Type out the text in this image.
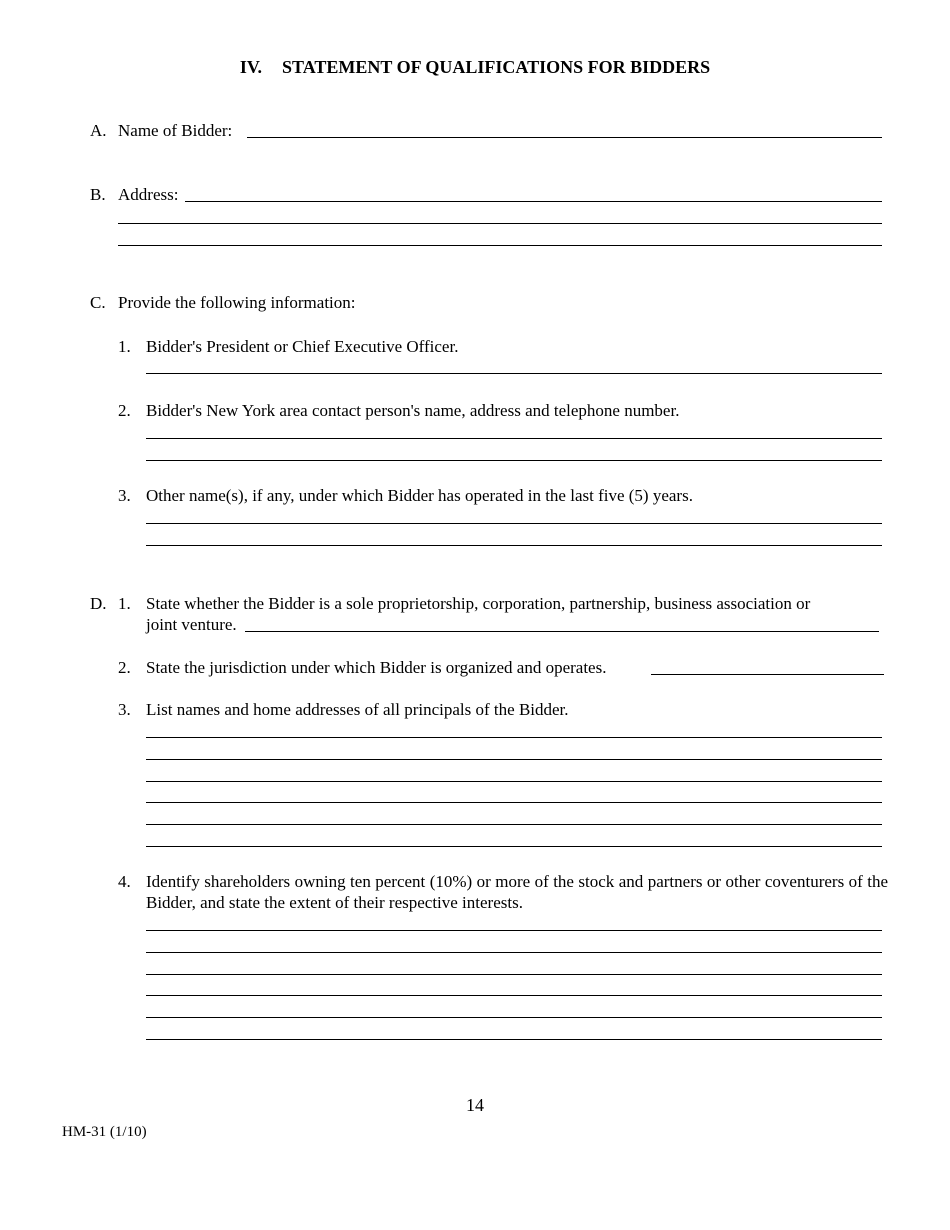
IV. STATEMENT OF QUALIFICATIONS FOR BIDDERS
A. Name of Bidder:
B. Address:
C. Provide the following information:
1. Bidder's President or Chief Executive Officer.
2. Bidder's New York area contact person's name, address and telephone number.
3. Other name(s), if any, under which Bidder has operated in the last five (5) years.
D. 1. State whether the Bidder is a sole proprietorship, corporation, partnership, business association or
joint venture.
2. State the jurisdiction under which Bidder is organized and operates.
3. List names and home addresses of all principals of the Bidder.
4. Identify shareholders owning ten percent (10%) or more of the stock and partners or other coventurers of the Bidder, and state the extent of their respective interests.
14
HM-31 (1/10)
